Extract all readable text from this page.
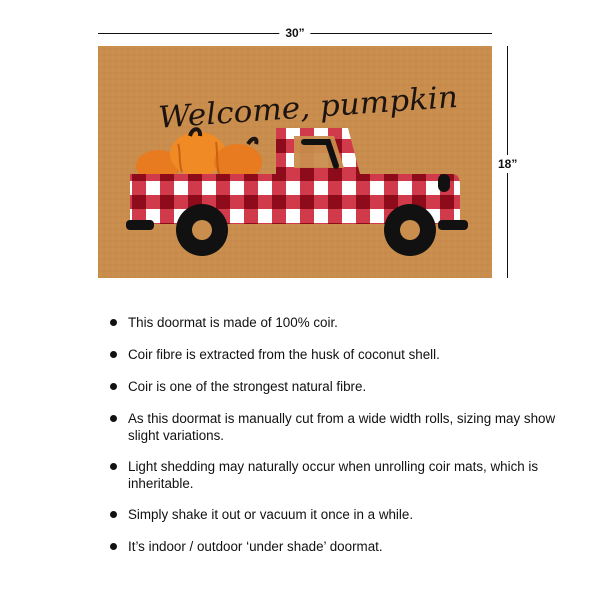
30”
18”
Welcome, pumpkin
This doormat is made of 100% coir.
Coir fibre is extracted from the husk of coconut shell.
Coir is one of the strongest natural fibre.
As this doormat is manually cut from a wide width rolls, sizing may show slight variations.
Light shedding may naturally occur when unrolling coir mats, which is inheritable.
Simply shake it out or vacuum it once in a while.
It’s indoor / outdoor ‘under shade’ doormat.
